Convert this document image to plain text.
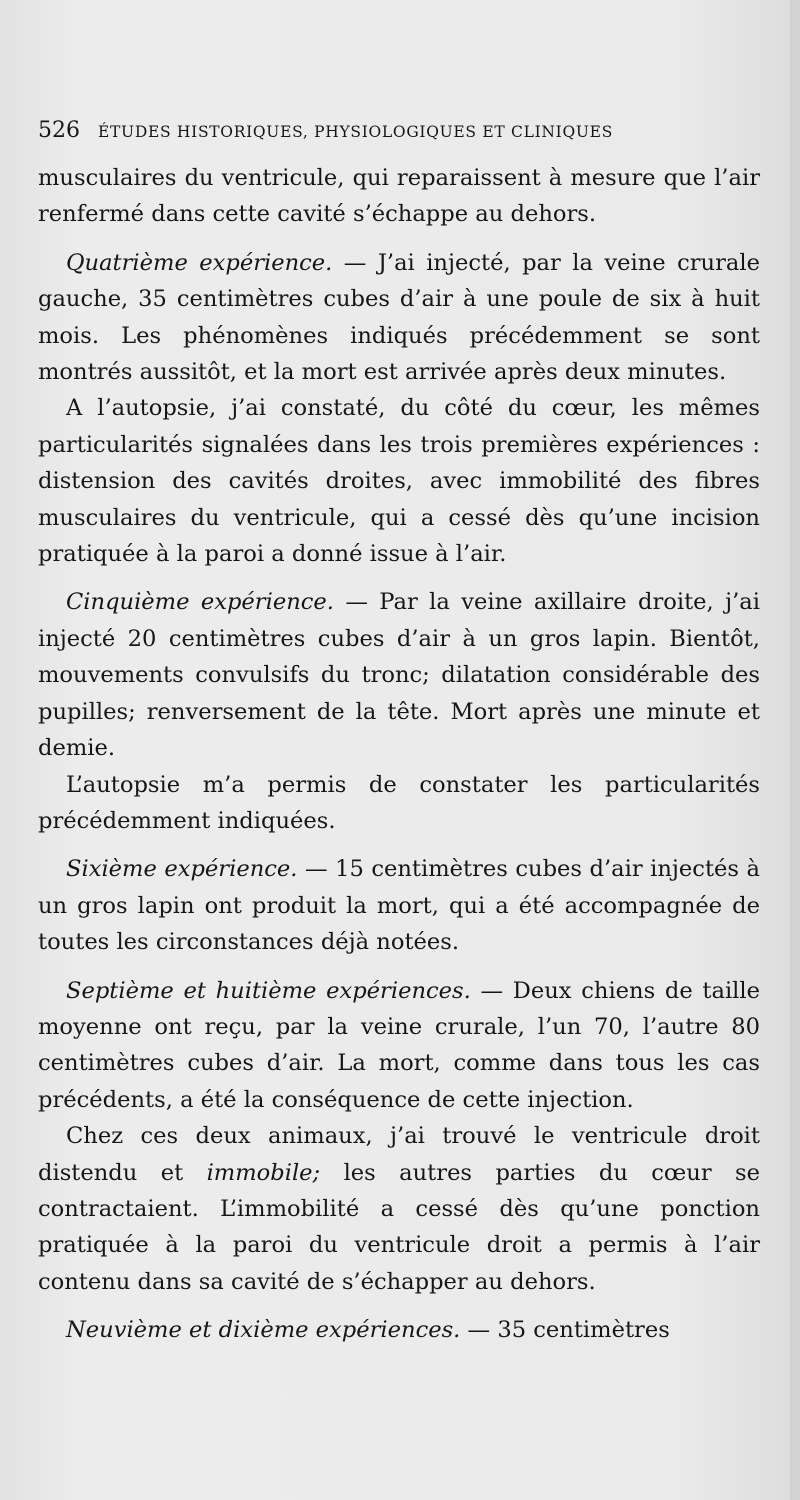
526 ÉTUDES HISTORIQUES, PHYSIOLOGIQUES ET CLINIQUES

musculaires du ventricule, qui reparaissent à mesure que l’air renfermé dans cette cavité s’échappe au dehors.

Quatrième expérience. — J’ai injecté, par la veine crurale gauche, 35 centimètres cubes d’air à une poule de six à huit mois. Les phénomènes indiqués précédemment se sont montrés aussitôt, et la mort est arrivée après deux minutes.

A l’autopsie, j’ai constaté, du côté du cœur, les mêmes particularités signalées dans les trois premières expériences : distension des cavités droites, avec immobilité des fibres musculaires du ventricule, qui a cessé dès qu’une incision pratiquée à la paroi a donné issue à l’air.

Cinquième expérience. — Par la veine axillaire droite, j’ai injecté 20 centimètres cubes d’air à un gros lapin. Bientôt, mouvements convulsifs du tronc; dilatation considérable des pupilles; renversement de la tête. Mort après une minute et demie.

L’autopsie m’a permis de constater les particularités précédemment indiquées.

Sixième expérience. — 15 centimètres cubes d’air injectés à un gros lapin ont produit la mort, qui a été accompagnée de toutes les circonstances déjà notées.

Septième et huitième expériences. — Deux chiens de taille moyenne ont reçu, par la veine crurale, l’un 70, l’autre 80 centimètres cubes d’air. La mort, comme dans tous les cas précédents, a été la conséquence de cette injection.

Chez ces deux animaux, j’ai trouvé le ventricule droit distendu et immobile; les autres parties du cœur se contractaient. L’immobilité a cessé dès qu’une ponction pratiquée à la paroi du ventricule droit a permis à l’air contenu dans sa cavité de s’échapper au dehors.

Neuvième et dixième expériences. — 35 centimètres
